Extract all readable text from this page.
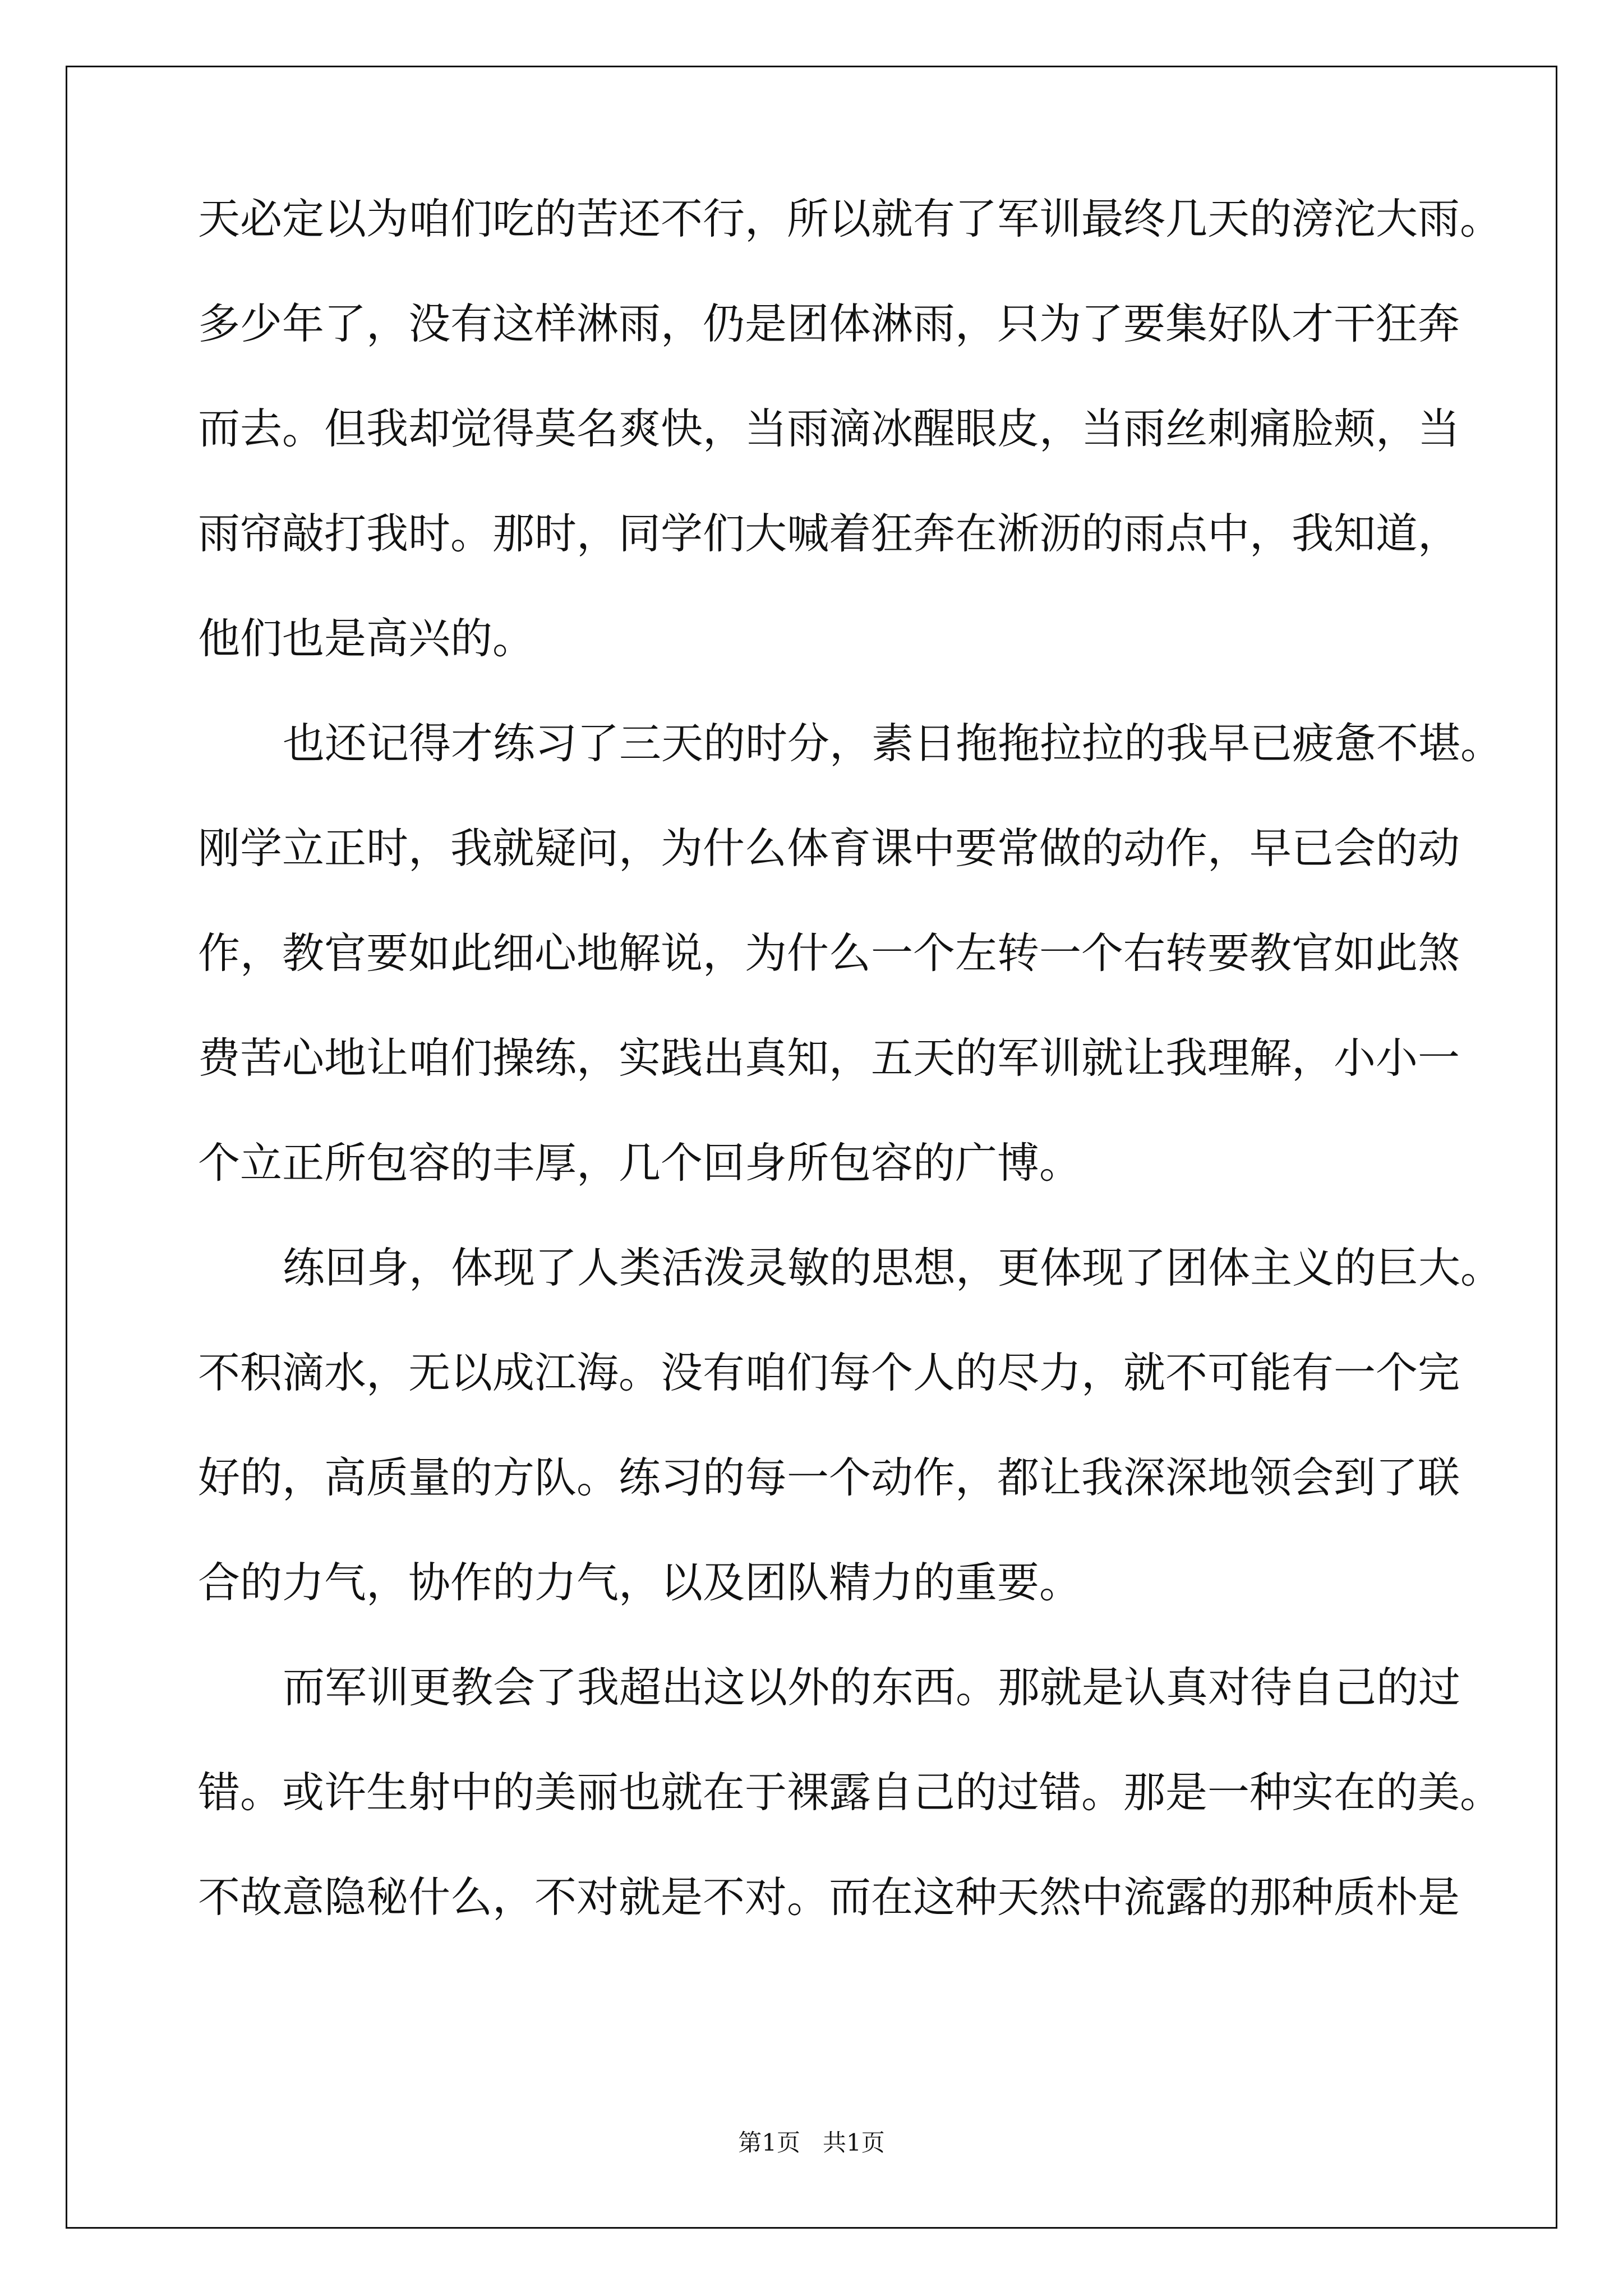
天必定以为咱们吃的苦还不行，所以就有了军训最终几天的滂沱大雨。
多少年了，没有这样淋雨，仍是团体淋雨，只为了要集好队才干狂奔
而去。但我却觉得莫名爽快，当雨滴冰醒眼皮，当雨丝刺痛脸颊，当
雨帘敲打我时。那时，同学们大喊着狂奔在淅沥的雨点中，我知道，
他们也是高兴的。
也还记得才练习了三天的时分，素日拖拖拉拉的我早已疲惫不堪。
刚学立正时，我就疑问，为什么体育课中要常做的动作，早已会的动
作，教官要如此细心地解说，为什么一个左转一个右转要教官如此煞
费苦心地让咱们操练，实践出真知，五天的军训就让我理解，小小一
个立正所包容的丰厚，几个回身所包容的广博。
练回身，体现了人类活泼灵敏的思想，更体现了团体主义的巨大。
不积滴水，无以成江海。没有咱们每个人的尽力，就不可能有一个完
好的，高质量的方队。练习的每一个动作，都让我深深地领会到了联
合的力气，协作的力气，以及团队精力的重要。
而军训更教会了我超出这以外的东西。那就是认真对待自己的过
错。或许生射中的美丽也就在于裸露自己的过错。那是一种实在的美。
不故意隐秘什么，不对就是不对。而在这种天然中流露的那种质朴是
第1页   共1页
